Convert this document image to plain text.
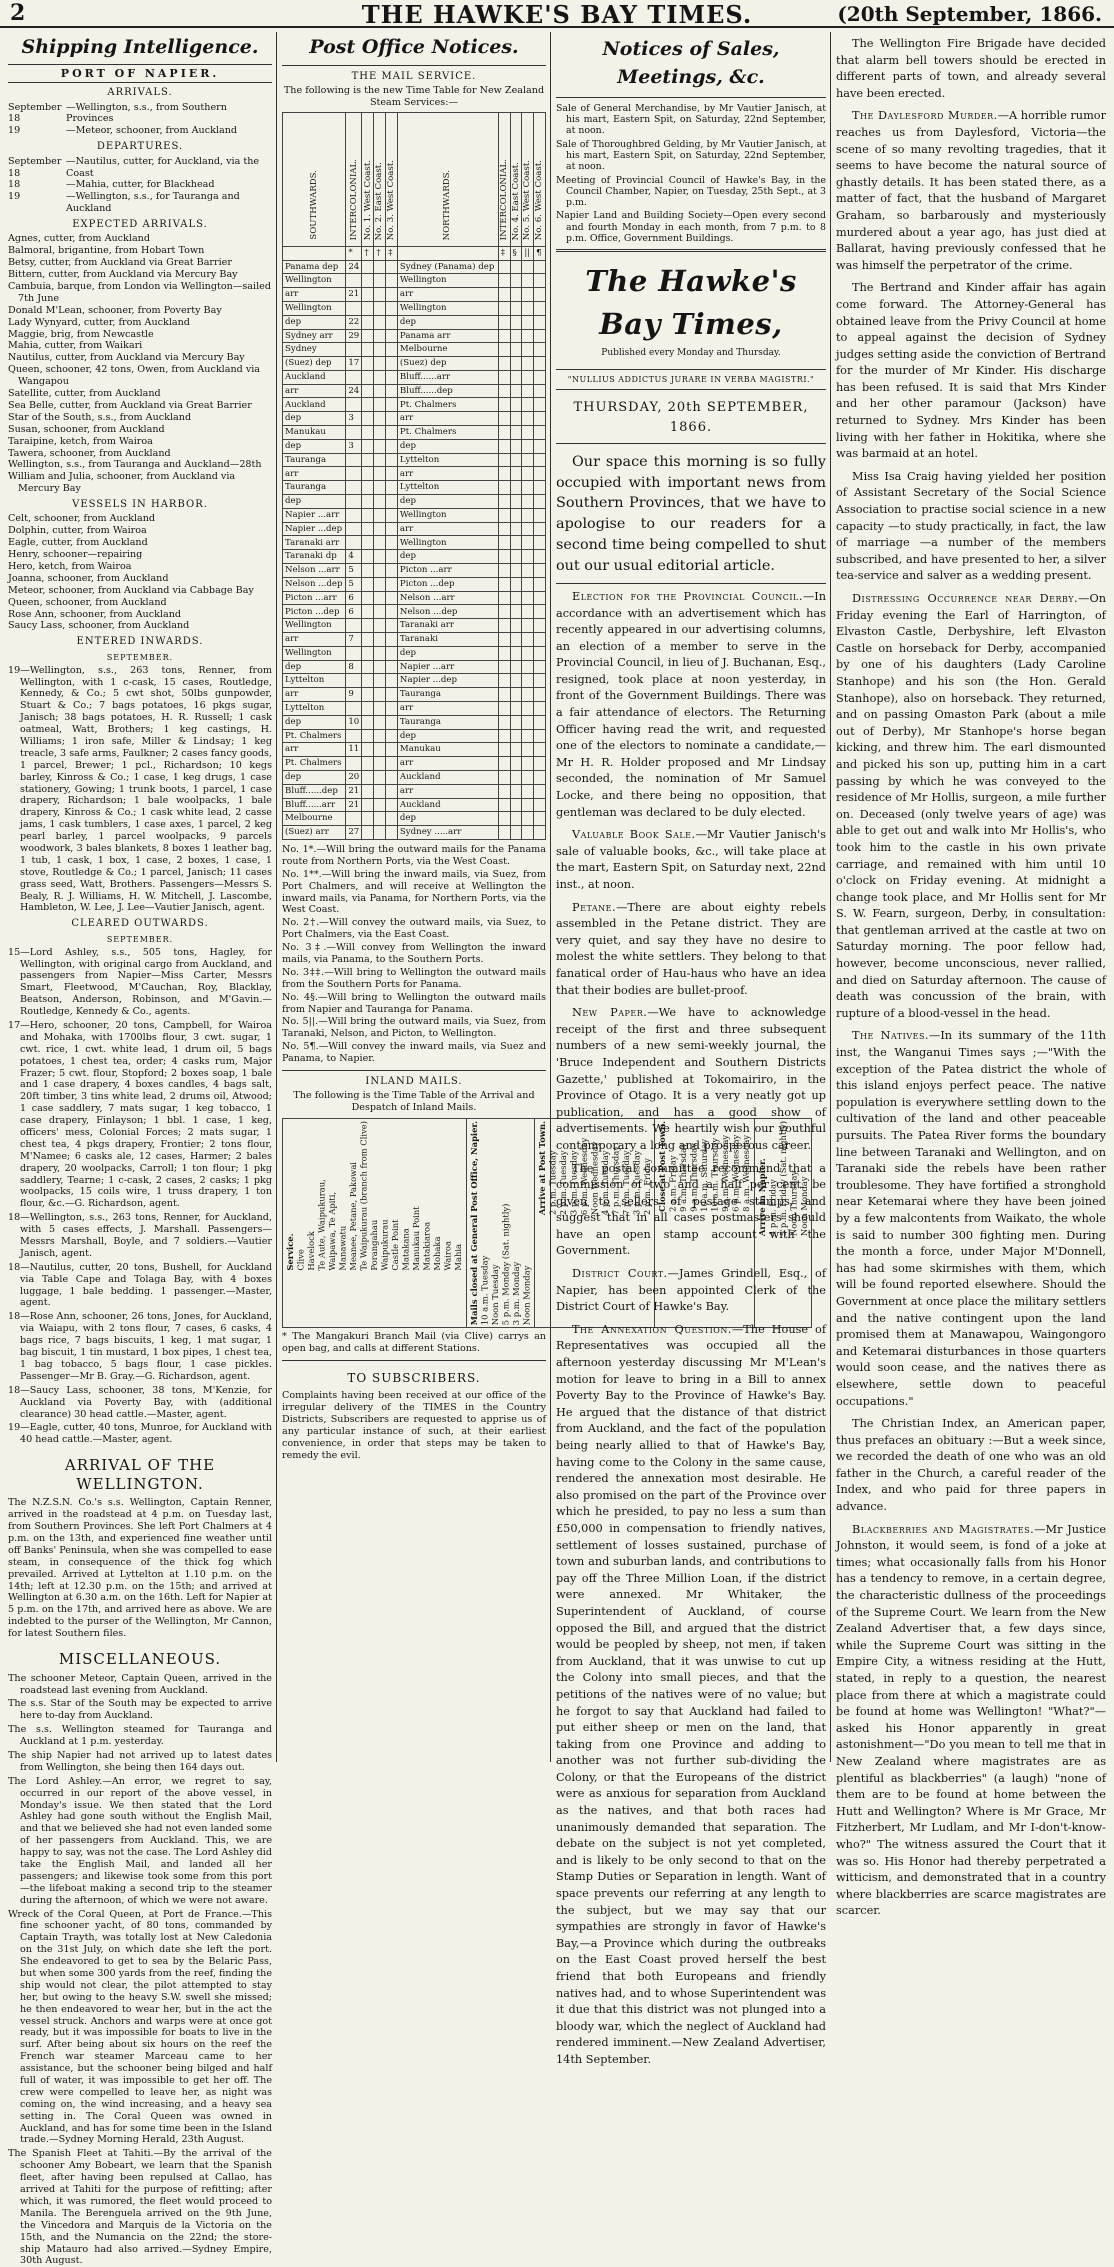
2	THE HAWKE'S BAY TIMES.	(20th September, 1866.
Shipping Intelligence.
PORT OF NAPIER.
ARRIVALS.
September 18
—Wellington, s.s., from Southern Provinces
19	—Meteor, schooner, from Auckland
DEPARTURES.
September 18
—Nautilus, cutter, for Auckland, via the Coast
18	—Mahia, cutter, for Blackhead
19	—Wellington, s.s., for Tauranga and Auckland
EXPECTED ARRIVALS.

Agnes, cutter, from Auckland

Balmoral, brigantine, from Hobart Town

Betsy, cutter, from Auckland via Great Barrier

Bittern, cutter, from Auckland via Mercury Bay

Cambuia, barque, from London via Wellington—sailed 7th June

Donald M'Lean, schooner, from Poverty Bay

Lady Wynyard, cutter, from Auckland

Maggie, brig, from Newcastle

Mahia, cutter, from Waikari

Nautilus, cutter, from Auckland via Mercury Bay

Queen, schooner, 42 tons, Owen, from Auckland via Wangapou

Satellite, cutter, from Auckland

Sea Belle, cutter, from Auckland via Great Barrier

Star of the South, s.s., from Auckland

Susan, schooner, from Auckland

Taraipine, ketch, from Wairoa

Tawera, schooner, from Auckland

Wellington, s.s., from Tauranga and Auckland—28th

William and Julia, schooner, from Auckland via Mercury Bay

VESSELS IN HARBOR.

Celt, schooner, from Auckland

Dolphin, cutter, from Wairoa

Eagle, cutter, from Auckland

Henry, schooner—repairing

Hero, ketch, from Wairoa

Joanna, schooner, from Auckland

Meteor, schooner, from Auckland via Cabbage Bay

Queen, schooner, from Auckland

Rose Ann, schooner, from Auckland

Saucy Lass, schooner, from Auckland

ENTERED INWARDS.
SEPTEMBER.

19—Wellington, s.s., 263 tons, Renner, from Wellington, with 1 c-cask, 15 cases, Routledge, Kennedy, & Co.; 5 cwt shot, 50lbs gunpowder, Stuart & Co.; 7 bags potatoes, 16 pkgs sugar, Janisch; 38 bags potatoes, H. R. Russell; 1 cask oatmeal, Watt, Brothers; 1 keg castings, H. Williams; 1 iron safe, Miller & Lindsay; 1 keg treacle, 3 safe arms, Faulkner; 2 cases fancy goods, 1 parcel, Brewer; 1 pcl., Richardson; 10 kegs barley, Kinross & Co.; 1 case, 1 keg drugs, 1 case stationery, Gowing; 1 trunk boots, 1 parcel, 1 case drapery, Richardson; 1 bale woolpacks, 1 bale drapery, Kinross & Co.; 1 cask white lead, 2 casse jams, 1 cask tumblers, 1 case axes, 1 parcel, 2 keg pearl barley, 1 parcel woolpacks, 9 parcels woodwork, 3 bales blankets, 8 boxes 1 leather bag, 1 tub, 1 cask, 1 box, 1 case, 2 boxes, 1 case, 1 stove, Routledge & Co.; 1 parcel, Janisch; 11 cases grass seed, Watt, Brothers. Passengers—Messrs S. Bealy, R. J. Williams, H. W. Mitchell, J. Lascombe, Hambleton, W. Lee, J. Lee—Vautier Janisch, agent.

CLEARED OUTWARDS.
SEPTEMBER.

15—Lord Ashley, s.s., 505 tons, Hagley, for Wellington, with original cargo from Auckland, and passengers from Napier—Miss Carter, Messrs Smart, Fleetwood, M'Cauchan, Roy, Blacklay, Beatson, Anderson, Robinson, and M'Gavin.—Routledge, Kennedy & Co., agents.

17—Hero, schooner, 20 tons, Campbell, for Wairoa and Mohaka, with 1700lbs flour, 3 cwt. sugar, 1 cwt. rice, 1 cwt. white lead, 1 drum oil, 5 bags potatoes, 1 chest tea, order; 4 casks rum, Major Frazer; 5 cwt. flour, Stopford; 2 boxes soap, 1 bale and 1 case drapery, 4 boxes candles, 4 bags salt, 20ft timber, 3 tins white lead, 2 drums oil, Atwood; 1 case saddlery, 7 mats sugar, 1 keg tobacco, 1 case drapery, Finlayson; 1 bbl. 1 case, 1 keg, officers' mess, Colonial Forces; 2 mats sugar, 1 chest tea, 4 pkgs drapery, Frontier; 2 tons flour, M'Namee; 6 casks ale, 12 cases, Harmer; 2 bales drapery, 20 woolpacks, Carroll; 1 ton flour; 1 pkg saddlery, Tearne; 1 c-cask, 2 cases, 2 casks; 1 pkg woolpacks, 15 coils wire, 1 truss drapery, 1 ton flour, &c.—G. Richardson, agent.

18—Wellington, s.s., 263 tons, Renner, for Auckland, with 5 cases effects, J. Marshall. Passengers—Messrs Marshall, Boyle, and 7 soldiers.—Vautier Janisch, agent.

18—Nautilus, cutter, 20 tons, Bushell, for Auckland via Table Cape and Tolaga Bay, with 4 boxes luggage, 1 bale bedding. 1 passenger.—Master, agent.

18—Rose Ann, schooner, 26 tons, Jones, for Auckland, via Waiapu, with 2 tons flour, 7 cases, 6 casks, 4 bags rice, 7 bags biscuits, 1 keg, 1 mat sugar, 1 bag biscuit, 1 tin mustard, 1 box pipes, 1 chest tea, 1 bag tobacco, 5 bags flour, 1 case pickles. Passenger—Mr B. Gray.—G. Richardson, agent.

18—Saucy Lass, schooner, 38 tons, M'Kenzie, for Auckland via Poverty Bay, with (additional clearance) 30 head cattle.—Master, agent.

19—Eagle, cutter, 40 tons, Munroe, for Auckland with 40 head cattle.—Master, agent.

ARRIVAL OF THE WELLINGTON.

The N.Z.S.N. Co.'s s.s. Wellington, Captain Renner, arrived in the roadstead at 4 p.m. on Tuesday last, from Southern Provinces. She left Port Chalmers at 4 p.m. on the 13th, and experienced fine weather until off Banks' Peninsula, when she was compelled to ease steam, in consequence of the thick fog which prevailed. Arrived at Lyttelton at 1.10 p.m. on the 14th; left at 12.30 p.m. on the 15th; and arrived at Wellington at 6.30 a.m. on the 16th. Left for Napier at 5 p.m. on the 17th, and arrived here as above. We are indebted to the purser of the Wellington, Mr Cannon, for latest Southern files.

MISCELLANEOUS.

The schooner Meteor, Captain Queen, arrived in the roadstead last evening from Auckland.

The s.s. Star of the South may be expected to arrive here to-day from Auckland.

The s.s. Wellington steamed for Tauranga and Auckland at 1 p.m. yesterday.

The ship Napier had not arrived up to latest dates from Wellington, she being then 164 days out.

The Lord Ashley.—An error, we regret to say, occurred in our report of the above vessel, in Monday's issue. We then stated that the Lord Ashley had gone south without the English Mail, and that we believed she had not even landed some of her passengers from Auckland. This, we are happy to say, was not the case. The Lord Ashley did take the English Mail, and landed all her passengers; and likewise took some from this port—the lifeboat making a second trip to the steamer during the afternoon, of which we were not aware.

Wreck of the Coral Queen, at Port de France.—This fine schooner yacht, of 80 tons, commanded by Captain Trayth, was totally lost at New Caledonia on the 31st July, on which date she left the port. She endeavored to get to sea by the Belaric Pass, but when some 300 yards from the reef, finding the ship would not clear, the pilot attempted to stay her, but owing to the heavy S.W. swell she missed; he then endeavored to wear her, but in the act the vessel struck. Anchors and warps were at once got ready, but it was impossible for boats to live in the surf. After being about six hours on the reef the French war steamer Marceau came to her assistance, but the schooner being bilged and half full of water, it was impossible to get her off. The crew were compelled to leave her, as night was coming on, the wind increasing, and a heavy sea setting in. The Coral Queen was owned in Auckland, and has for some time been in the Island trade.—Sydney Morning Herald, 23th August.

The Spanish Fleet at Tahiti.—By the arrival of the schooner Amy Bobeart, we learn that the Spanish fleet, after having been repulsed at Callao, has arrived at Tahiti for the purpose of refitting; after which, it was rumored, the fleet would proceed to Manila. The Berenguela arrived on the 9th June, the Vincedora and Marquis de la Victoria on the 15th, and the Numancia on the 22nd; the store-ship Matauro had also arrived.—Sydney Empire, 30th August.

Post Office Notices.
THE MAIL SERVICE.

The following is the new Time Table for New Zealand Steam Services:—

SOUTHWARDS.	INTERCOLONIAL.	No. 1. West Coast.	No. 2. East Coast.	No. 3. West Coast.	NORTHWARDS.	INTERCOLONIAL.	No. 4. East Coast.	No. 5. West Coast.	No. 6. West Coast.
	*	†	†	‡		‡	§	||	¶
Panama dep	24				Sydney (Panama) dep				
Wellington					Wellington				
arr	21				arr				
Wellington					Wellington				
dep	22				dep				
Sydney arr	29				Panama arr				
Sydney					Melbourne				
(Suez) dep	17				(Suez) dep				
Auckland					Bluff......arr				
arr	24				Bluff......dep				
Auckland					Pt. Chalmers				
dep	3				arr				
Manukau					Pt. Chalmers				
dep	3				dep				
Tauranga					Lyttelton				
arr					arr				
Tauranga					Lyttelton				
dep					dep				
Napier ...arr					Wellington				
Napier ...dep					arr				
Taranaki arr					Wellington				
Taranaki dp	4				dep				
Nelson ...arr	5				Picton ...arr				
Nelson ...dep	5				Picton ...dep				
Picton ...arr	6				Nelson ...arr				
Picton ...dep	6				Nelson ...dep				
Wellington					Taranaki arr				
arr	7				Taranaki				
Wellington					dep				
dep	8				Napier ...arr				
Lyttelton					Napier ...dep				
arr	9				Tauranga				
Lyttelton					arr				
dep	10				Tauranga				
Pt. Chalmers					dep				
arr	11				Manukau				
Pt. Chalmers					arr				
dep	20				Auckland				
Bluff......dep	21				arr				
Bluff......arr	21				Auckland				
Melbourne					dep				
(Suez) arr	27				Sydney .....arr				

No. 1*.—Will bring the outward mails for the Panama route from Northern Ports, via the West Coast.

No. 1**.—Will bring the inward mails, via Suez, from Port Chalmers, and will receive at Wellington the inward mails, via Panama, for Northern Ports, via the West Coast.

No. 2†.—Will convey the outward mails, via Suez, to Port Chalmers, via the East Coast.

No. 3‡.—Will convey from Wellington the inward mails, via Panama, to the Southern Ports.

No. 3‡‡.—Will bring to Wellington the outward mails from the Southern Ports for Panama.

No. 4§.—Will bring to Wellington the outward mails from Napier and Tauranga for Panama.

No. 5||.—Will bring the outward mails, via Suez, from Taranaki, Nelson, and Picton, to Wellington.

No. 5¶.—Will convey the inward mails, via Suez and Panama, to Napier.

INLAND MAILS.

The following is the Time Table of the Arrival and Despatch of Inland Mails.

Service. Clive Havelock Te Aute, Waipukurau, Waipawa, Te Apiti, Manawatu Meanee, Petane, Pakowai Te Waipukurau (branch from Clive) Porangahau Waipukurau Castle Point Matakana Manukau Point Matakiaroa Mohaka Wairoa Mahia	Mails closed at General Post Office, Napier. 10 a.m. Tuesday Noon Tuesday 5 p.m. Monday (Sat. nightly) 3 p.m. Monday Noon Monday

Arrive at Post Town. 2 p.m. Tuesday 2 p.m. Tuesday 3 p.m. Tuesday 6 p.m. Wednesday Noon Wednesday 4 p.m. Tuesday 7 p.m. Thursday 7 p.m. Tuesday 3 p.m. Tuesday 2 p.m. Friday	Close at Post Town. 2 a.m. Friday 9 a.m. Thursday 9 a.m. Thursday 10 a.m. Saturday 10 a.m. Thursday 9 a.m. Wednesday 6 p.m. Wednesday 8 a.m. Wednesday	Arrive in Napier. 4 p.m. Friday 5 p.m. Friday (Sat. nightly) Noon Thursday Noon Monday

* The Mangakuri Branch Mail (via Clive) carrys an open bag, and calls at different Stations.

TO SUBSCRIBERS.

Complaints having been received at our office of the irregular delivery of the TIMES in the Country Districts, Subscribers are requested to apprise us of any particular instance of such, at their earliest convenience, in order that steps may be taken to remedy the evil.

Notices of Sales, Meetings, &c.

Sale of General Merchandise, by Mr Vautier Janisch, at his mart, Eastern Spit, on Saturday, 22nd September, at noon.

Sale of Thoroughbred Gelding, by Mr Vautier Janisch, at his mart, Eastern Spit, on Saturday, 22nd September, at noon.

Meeting of Provincial Council of Hawke's Bay, in the Council Chamber, Napier, on Tuesday, 25th Sept., at 3 p.m.

Napier Land and Building Society—Open every second and fourth Monday in each month, from 7 p.m. to 8 p.m. Office, Government Buildings.

The Hawke's Bay Times,
Published every Monday and Thursday.
"NULLIUS ADDICTUS JURARE IN VERBA MAGISTRI."
THURSDAY, 20th SEPTEMBER, 1866.

Our space this morning is so fully occupied with important news from Southern Provinces, that we have to apologise to our readers for a second time being compelled to shut out our usual editorial article.

Election for the Provincial Council.—In accordance with an advertisement which has recently appeared in our advertising columns, an election of a member to serve in the Provincial Council, in lieu of J. Buchanan, Esq., resigned, took place at noon yesterday, in front of the Government Buildings. There was a fair attendance of electors. The Returning Officer having read the writ, and requested one of the electors to nominate a candidate,—Mr H. R. Holder proposed and Mr Lindsay seconded, the nomination of Mr Samuel Locke, and there being no opposition, that gentleman was declared to be duly elected.

Valuable Book Sale.—Mr Vautier Janisch's sale of valuable books, &c., will take place at the mart, Eastern Spit, on Saturday next, 22nd inst., at noon.

Petane.—There are about eighty rebels assembled in the Petane district. They are very quiet, and say they have no desire to molest the white settlers. They belong to that fanatical order of Hau-haus who have an idea that their bodies are bullet-proof.

New Paper.—We have to acknowledge receipt of the first and three subsequent numbers of a new semi-weekly journal, the 'Bruce Independent and Southern Districts Gazette,' published at Tokomairiro, in the Province of Otago. It is a very neatly got up publication, and has a good show of advertisements. We heartily wish our youthful contemporary a long and prosperous career.

The postal committee recommend that a commission of two and a half per cent. be given to sellers of postage stamps, and suggest that in all cases postmasters should have an open stamp account with the Government.

District Court.—James Grindell, Esq., of Napier, has been appointed Clerk of the District Court of Hawke's Bay.

The Annexation Question.—The House of Representatives was occupied all the afternoon yesterday discussing Mr M'Lean's motion for leave to bring in a Bill to annex Poverty Bay to the Province of Hawke's Bay. He argued that the distance of that district from Auckland, and the fact of the population being nearly allied to that of Hawke's Bay, having come to the Colony in the same cause, rendered the annexation most desirable. He also promised on the part of the Province over which he presided, to pay no less a sum than £50,000 in compensation to friendly natives, settlement of losses sustained, purchase of town and suburban lands, and contributions to pay off the Three Million Loan, if the district were annexed. Mr Whitaker, the Superintendent of Auckland, of course opposed the Bill, and argued that the district would be peopled by sheep, not men, if taken from Auckland, that it was unwise to cut up the Colony into small pieces, and that the petitions of the natives were of no value; but he forgot to say that Auckland had failed to put either sheep or men on the land, that taking from one Province and adding to another was not further sub-dividing the Colony, or that the Europeans of the district were as anxious for separation from Auckland as the natives, and that both races had unanimously demanded that separation. The debate on the subject is not yet completed, and is likely to be only second to that on the Stamp Duties or Separation in length. Want of space prevents our referring at any length to the subject, but we may say that our sympathies are strongly in favor of Hawke's Bay,—a Province which during the outbreaks on the East Coast proved herself the best friend that both Europeans and friendly natives had, and to whose Superintendent was it due that this district was not plunged into a bloody war, which the neglect of Auckland had rendered imminent.—New Zealand Advertiser, 14th September.

The Wellington Fire Brigade have decided that alarm bell towers should be erected in different parts of town, and already several have been erected.

The Daylesford Murder.—A horrible rumor reaches us from Daylesford, Victoria—the scene of so many revolting tragedies, that it seems to have become the natural source of ghastly details. It has been stated there, as a matter of fact, that the husband of Margaret Graham, so barbarously and mysteriously murdered about a year ago, has just died at Ballarat, having previously confessed that he was himself the perpetrator of the crime.

The Bertrand and Kinder affair has again come forward. The Attorney-General has obtained leave from the Privy Council at home to appeal against the decision of Sydney judges setting aside the conviction of Bertrand for the murder of Mr Kinder. His discharge has been refused. It is said that Mrs Kinder and her other paramour (Jackson) have returned to Sydney. Mrs Kinder has been living with her father in Hokitika, where she was barmaid at an hotel.

Miss Isa Craig having yielded her position of Assistant Secretary of the Social Science Association to practise social science in a new capacity —to study practically, in fact, the law of marriage —a number of the members subscribed, and have presented to her, a silver tea-service and salver as a wedding present.

Distressing Occurrence near Derby.—On Friday evening the Earl of Harrington, of Elvaston Castle, Derbyshire, left Elvaston Castle on horseback for Derby, accompanied by one of his daughters (Lady Caroline Stanhope) and his son (the Hon. Gerald Stanhope), also on horseback. They returned, and on passing Omaston Park (about a mile out of Derby), Mr Stanhope's horse began kicking, and threw him. The earl dismounted and picked his son up, putting him in a cart passing by which he was conveyed to the residence of Mr Hollis, surgeon, a mile further on. Deceased (only twelve years of age) was able to get out and walk into Mr Hollis's, who took him to the castle in his own private carriage, and remained with him until 10 o'clock on Friday evening. At midnight a change took place, and Mr Hollis sent for Mr S. W. Fearn, surgeon, Derby, in consultation: that gentleman arrived at the castle at two on Saturday morning. The poor fellow had, however, become unconscious, never rallied, and died on Saturday afternoon. The cause of death was concussion of the brain, with rupture of a blood-vessel in the head.

The Natives.—In its summary of the 11th inst, the Wanganui Times says ;—"With the exception of the Patea district the whole of this island enjoys perfect peace. The native population is everywhere settling down to the cultivation of the land and other peaceable pursuits. The Patea River forms the boundary line between Taranaki and Wellington, and on Taranaki side the rebels have been rather troublesome. They have fortified a stronghold near Ketemarai where they have been joined by a few malcontents from Waikato, the whole is said to number 300 fighting men. During the month a force, under Major M'Donnell, has had some skirmishes with them, which will be found reported elsewhere. Should the Government at once place the military settlers and the native contingent upon the land promised them at Manawapou, Waingongoro and Ketemarai disturbances in those quarters would soon cease, and the natives there as elsewhere, settle down to peaceful occupations."

The Christian Index, an American paper, thus prefaces an obituary :—But a week since, we recorded the death of one who was an old father in the Church, a careful reader of the Index, and who paid for three papers in advance.

Blackberries and Magistrates.—Mr Justice Johnston, it would seem, is fond of a joke at times; what occasionally falls from his Honor has a tendency to remove, in a certain degree, the characteristic dullness of the proceedings of the Supreme Court. We learn from the New Zealand Advertiser that, a few days since, while the Supreme Court was sitting in the Empire City, a witness residing at the Hutt, stated, in reply to a question, the nearest place from there at which a magistrate could be found at home was Wellington! "What?"—asked his Honor apparently in great astonishment—"Do you mean to tell me that in New Zealand where magistrates are as plentiful as blackberries" (a laugh) "none of them are to be found at home between the Hutt and Wellington? Where is Mr Grace, Mr Fitzherbert, Mr Ludlam, and Mr I-don't-know-who?" The witness assured the Court that it was so. His Honor had thereby perpetrated a witticism, and demonstrated that in a country where blackberries are scarce magistrates are scarcer.
